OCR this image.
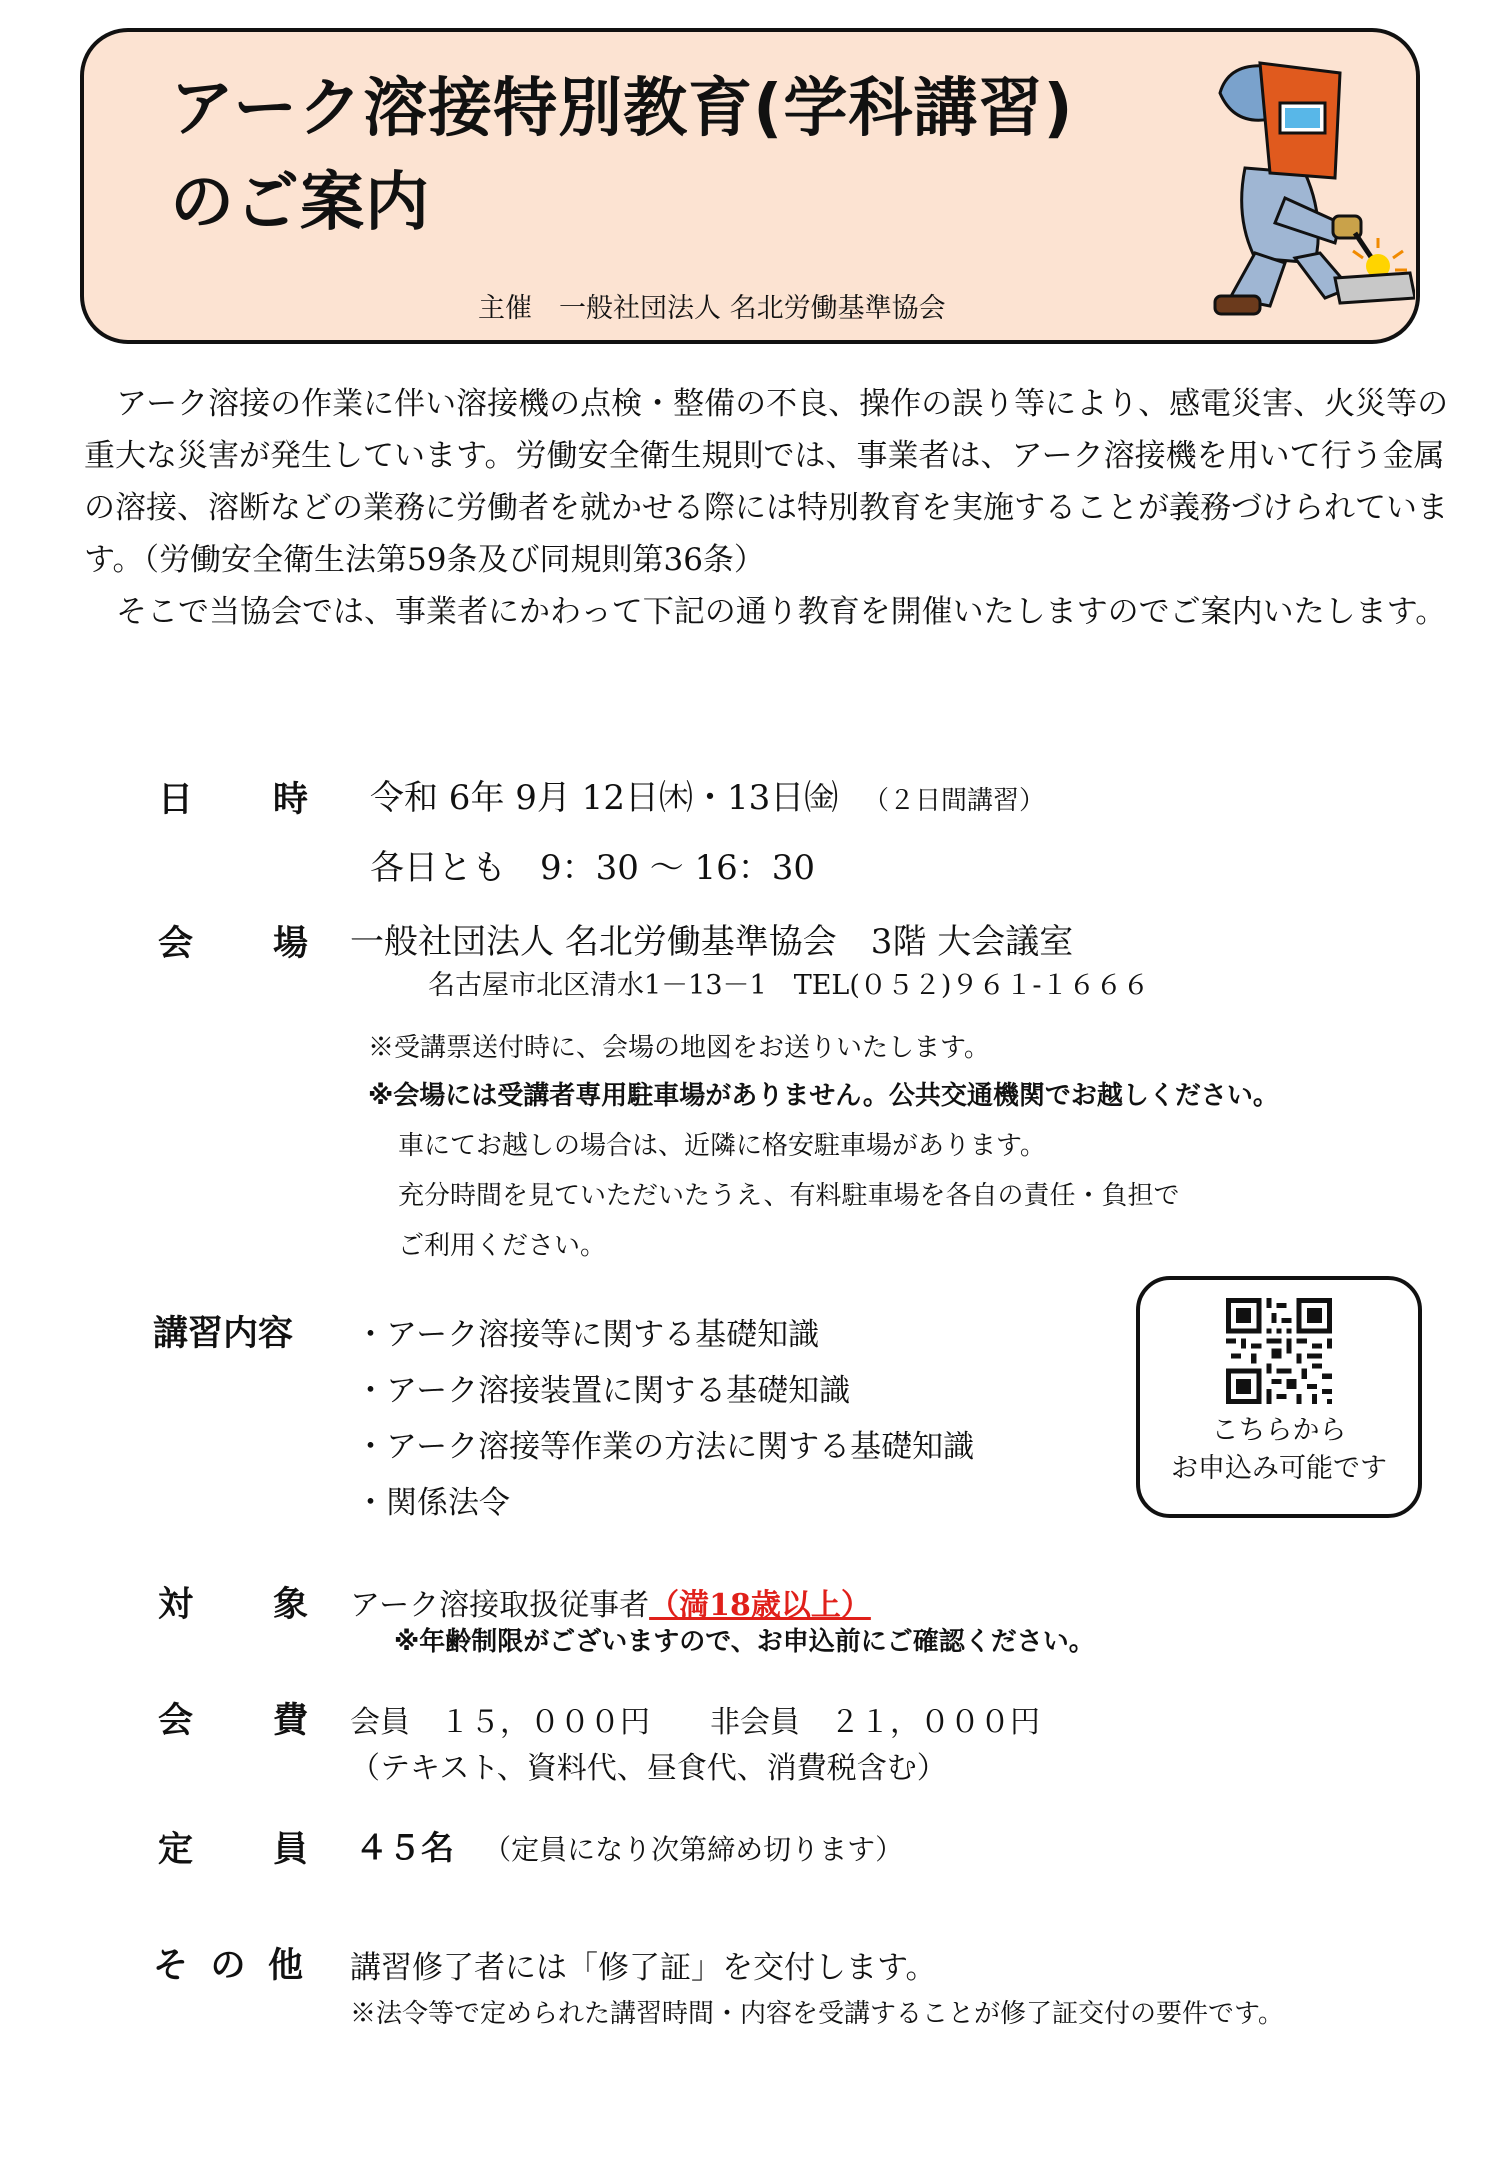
アーク溶接特別教育(学科講習)
のご案内
主催　一般社団法人 名北労働基準協会

アーク溶接の作業に伴い溶接機の点検・整備の不良、操作の誤り等により、感電災害、火災等の重大な災害が発生しています。労働安全衛生規則では、事業者は、アーク溶接機を用いて行う金属の溶接、溶断などの業務に労働者を就かせる際には特別教育を実施することが義務づけられています。（労働安全衛生法第59条及び同規則第36条）

そこで当協会では、事業者にかわって下記の通り教育を開催いたしますのでご案内いたします。

日 時 令和 6年 9月 12日㈭・13日㈮ （２日間講習）
各日とも　9：30 ～ 16：30
会 場 一般社団法人 名北労働基準協会　3階 大会議室
名古屋市北区清水1－13－1　TEL(０５２)９６１-１６６６
※受講票送付時に、会場の地図をお送りいたします。
※会場には受講者専用駐車場がありません。公共交通機関でお越しください。
車にてお越しの場合は、近隣に格安駐車場があります。
充分時間を見ていただいたうえ、有料駐車場を各自の責任・負担で
ご利用ください。
講習内容 ・アーク溶接等に関する基礎知識
・アーク溶接装置に関する基礎知識
・アーク溶接等作業の方法に関する基礎知識
・関係法令
こちらから
お申込み可能です
対 象 アーク溶接取扱従事者（満18歳以上）
※年齢制限がございますので、お申込前にご確認ください。
会 費 会員　１５，０００円　　非会員　２１，０００円
（テキスト、資料代、昼食代、消費税含む）
定 員 ４５名 （定員になり次第締め切ります）
そ の 他 講習修了者には「修了証」を交付します。
※法令等で定められた講習時間・内容を受講することが修了証交付の要件です。
